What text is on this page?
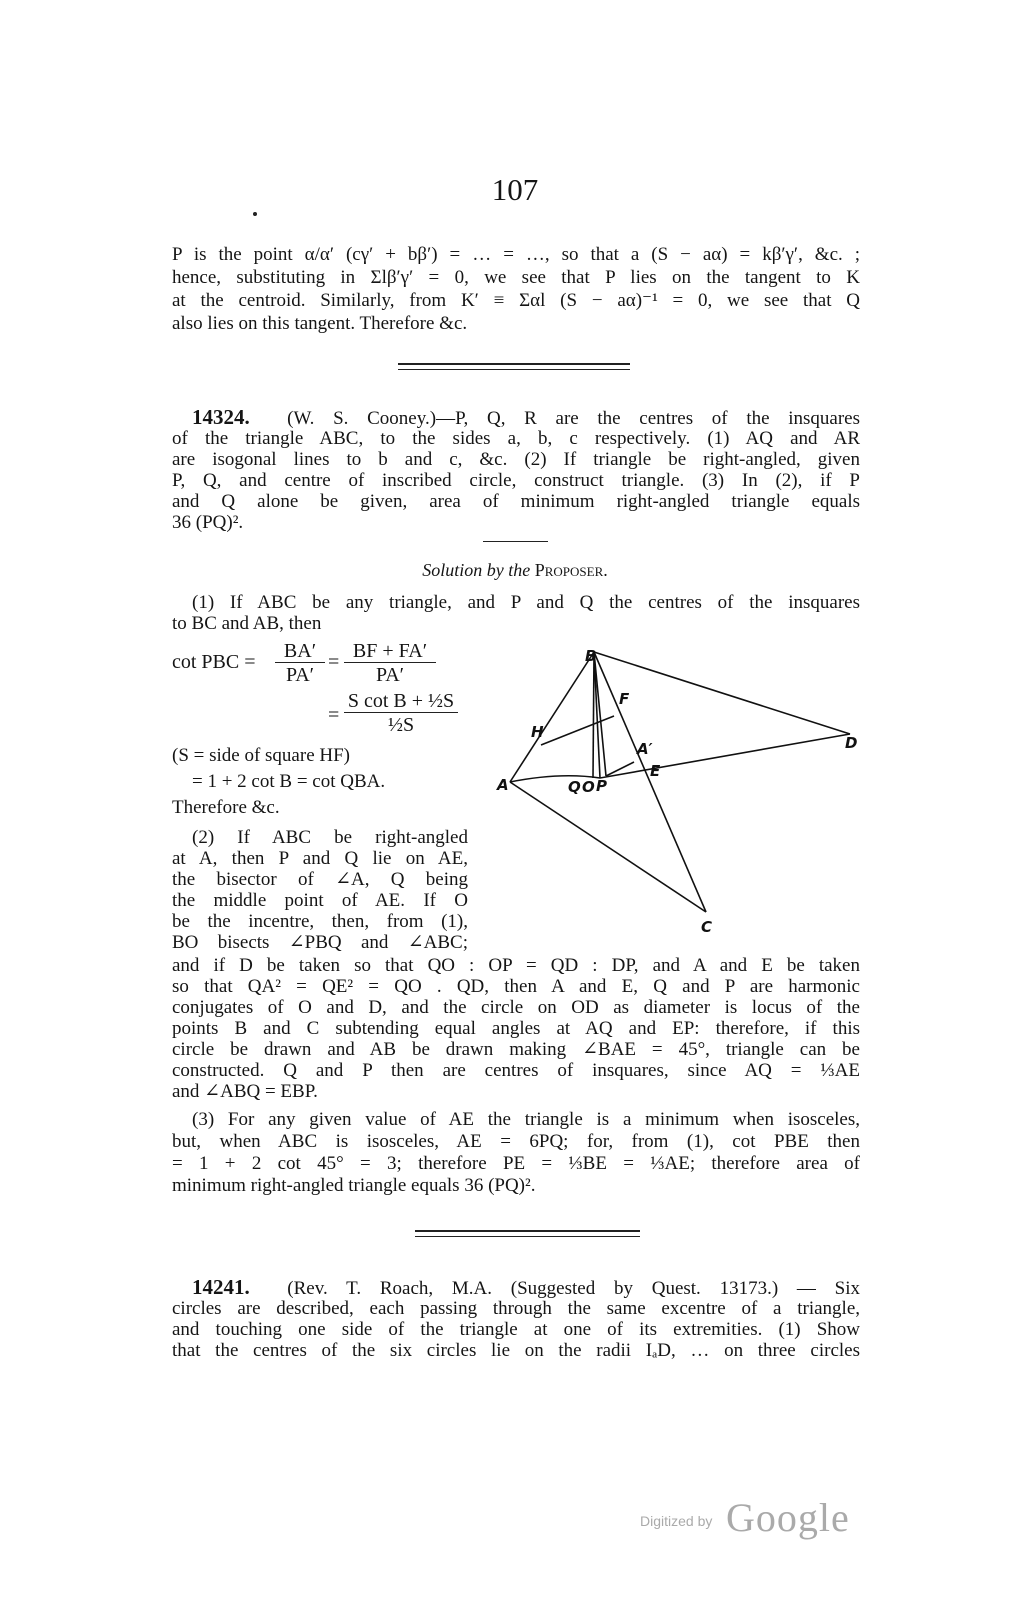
107
P is the point α/α′ (cγ′ + bβ′) = … = …, so that a (S − aα) = kβ′γ′, &c. ;
hence, substituting in Σlβ′γ′ = 0, we see that P lies on the tangent to K
at the centroid. Similarly, from K′ ≡ Σαl (S − aα)⁻¹ = 0, we see that Q
also lies on this tangent. Therefore &c.
14324. (W. S. Cooney.)—P, Q, R are the centres of the insquares
of the triangle ABC, to the sides a, b, c respectively. (1) AQ and AR
are isogonal lines to b and c, &c. (2) If triangle be right-angled, given
P, Q, and centre of inscribed circle, construct triangle. (3) In (2), if P
and Q alone be given, area of minimum right-angled triangle equals
36 (PQ)².
Solution by the Proposer.
(1) If ABC be any triangle, and P and Q the centres of the insquares
to BC and AB, then
cot PBC = $\frac{BA'}{PA'} = \frac{BF + FA'}{PA'}$
= $\frac{\text{S cot B + ½S}}{\text{½S}}$
(S = side of square HF)
= 1 + 2 cot B = cot QBA.
Therefore &c.
(2) If ABC be right-angled
at A, then P and Q lie on AE,
the bisector of ∠A, Q being
the middle point of AE. If O
be the incentre, then, from (1),
BO bisects ∠PBQ and ∠ABC;
and if D be taken so that QO : OP = QD : DP, and A and E be taken
so that QA² = QE² = QO . QD, then A and E, Q and P are harmonic
conjugates of O and D, and the circle on OD as diameter is locus of the
points B and C subtending equal angles at AQ and EP: therefore, if this
circle be drawn and AB be drawn making ∠BAE = 45°, triangle can be
constructed. Q and P then are centres of insquares, since AQ = ⅓AE
and ∠ABQ = EBP.
(3) For any given value of AE the triangle is a minimum when isosceles,
but, when ABC is isosceles, AE = 6PQ; for, from (1), cot PBE then
= 1 + 2 cot 45° = 3; therefore PE = ⅓BE = ⅓AE; therefore area of
minimum right-angled triangle equals 36 (PQ)².
B
D
A
H
F
A′
E
Q O P
C
14241. (Rev. T. Roach, M.A. (Suggested by Quest. 13173.) — Six
circles are described, each passing through the same excentre of a triangle,
and touching one side of the triangle at one of its extremities. (1) Show
that the centres of the six circles lie on the radii IₐD, … on three circles
Digitized by Google
